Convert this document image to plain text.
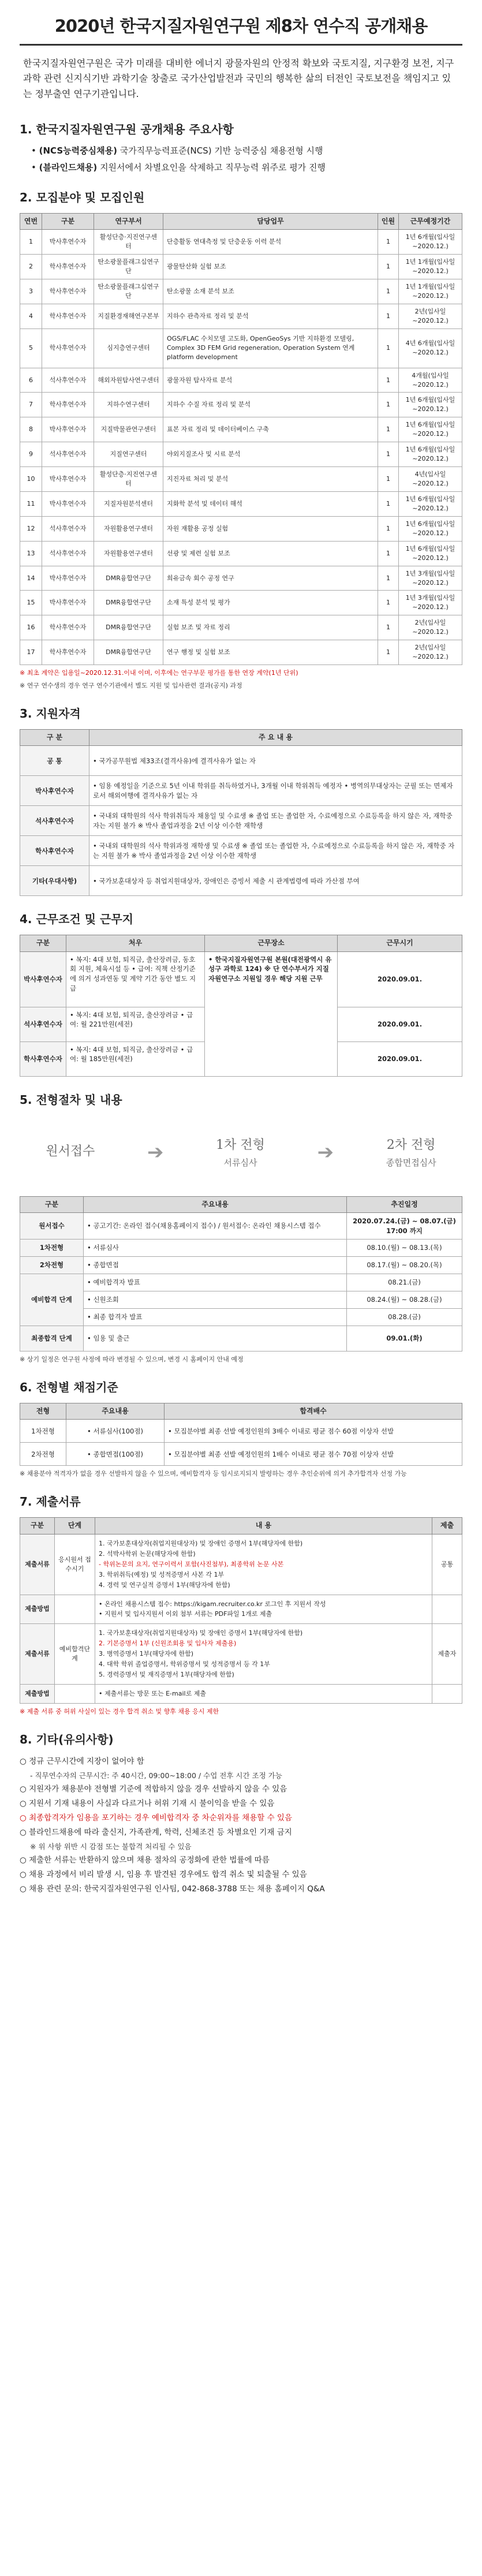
2020년 한국지질자원연구원 제8차 연수직 공개채용
한국지질자원연구원은 국가 미래를 대비한 에너지 광물자원의 안정적 확보와 국토지질, 지구환경 보전, 지구과학 관련 신지식기반 과학기술 창출로 국가산업발전과 국민의 행복한 삶의 터전인 국토보전을 책임지고 있는 정부출연 연구기관입니다.
1. 한국지질자원연구원 공개채용 주요사항
• (NCS능력중심채용) 국가직무능력표준(NCS) 기반 능력중심 채용전형 시행
• (블라인드채용) 지원서에서 차별요인을 삭제하고 직무능력 위주로 평가 진행
2. 모집분야 및 모집인원
연번	구분	연구부서	담당업무	인원	근무예정기간
1	박사후연수자	활성단층·지진연구센터	단층활동 연대측정 및 단층운동 이력 분석	1	1년 6개월(입사일~2020.12.)
2	학사후연수자	탄소광물플래그십연구단	광물탄산화 실험 보조	1	1년 1개월(입사일~2020.12.)
3	학사후연수자	탄소광물플래그십연구단	탄소광물 소재 분석 보조	1	1년 1개월(입사일~2020.12.)
4	학사후연수자	지질환경재해연구본부	지하수 관측자료 정리 및 분석	1	2년(입사일~2020.12.)
5	학사후연수자	심지층연구센터	OGS/FLAC 수치모델 고도화, OpenGeoSys 기반 지하환경 모델링, Complex 3D FEM Grid regeneration, Operation System 연계 platform development	1	4년 6개월(입사일~2020.12.)
6	석사후연수자	해외자원탐사연구센터	광물자원 탐사자료 분석	1	4개월(입사일~2020.12.)
7	학사후연수자	지하수연구센터	지하수 수질 자료 정리 및 분석	1	1년 6개월(입사일~2020.12.)
8	박사후연수자	지질박물관연구센터	표본 자료 정리 및 데이터베이스 구축	1	1년 6개월(입사일~2020.12.)
9	석사후연수자	지질연구센터	야외지질조사 및 시료 분석	1	1년 6개월(입사일~2020.12.)
10	박사후연수자	활성단층·지진연구센터	지진자료 처리 및 분석	1	4년(입사일~2020.12.)
11	박사후연수자	지질자원분석센터	지화학 분석 및 데이터 해석	1	1년 6개월(입사일~2020.12.)
12	석사후연수자	자원활용연구센터	자원 재활용 공정 실험	1	1년 6개월(입사일~2020.12.)
13	석사후연수자	자원활용연구센터	선광 및 제련 실험 보조	1	1년 6개월(입사일~2020.12.)
14	박사후연수자	DMR융합연구단	희유금속 회수 공정 연구	1	1년 3개월(입사일~2020.12.)
15	박사후연수자	DMR융합연구단	소재 특성 분석 및 평가	1	1년 3개월(입사일~2020.12.)
16	학사후연수자	DMR융합연구단	실험 보조 및 자료 정리	1	2년(입사일~2020.12.)
17	학사후연수자	DMR융합연구단	연구 행정 및 실험 보조	1	2년(입사일~2020.12.)
※ 최초 계약은 입용일~2020.12.31.이내 이며, 이후에는 연구부문 평가를 통한 연장 계약(1년 단위)
※ 연구 연수생의 경우 연구 연수기관에서 별도 지원 및 입사관련 결과(공지) 과정
3. 지원자격
구 분	주 요 내 용
공 통	• 국가공무원법 제33조(결격사유)에 결격사유가 없는 자
박사후연수자	• 임용 예정일을 기준으로 5년 이내 학위를 취득하였거나, 3개월 이내 학위취득 예정자 • 병역의무대상자는 군필 또는 면제자로서 해외여행에 결격사유가 없는 자
석사후연수자	• 국내외 대학원의 석사 학위취득자 채용일 및 수료생 ※ 졸업 또는 졸업한 자, 수료예정으로 수료등록을 하지 않은 자, 재학중 자는 지원 불가 ※ 박사 졸업과정을 2년 이상 이수한 재학생
학사후연수자	• 국내외 대학원의 석사 학위과정 재학생 및 수료생 ※ 졸업 또는 졸업한 자, 수료예정으로 수료등록을 하지 않은 자, 재학중 자는 지원 불가 ※ 박사 졸업과정을 2년 이상 이수한 재학생
기타(우대사항)	• 국가보훈대상자 등 취업지원대상자, 장애인은 증빙서 제출 시 관계법령에 따라 가산점 부여
4. 근무조건 및 근무지
구분	처우	근무장소	근무시기
박사후연수자	• 복지: 4대 보험, 퇴직금, 출산장려금, 동호회 지원, 체육시설 등 • 급여: 직책 산정기준에 의거 성과연동 및 계약 기간 동안 별도 지급	• 한국지질자원연구원 본원(대전광역시 유성구 과학로 124) ※ 단 연수부서가 지질자원연구소 지원일 경우 해당 지원 근무	2020.09.01.
석사후연수자	• 복지: 4대 보험, 퇴직금, 출산장려금 • 급여: 월 221만원(세전)		2020.09.01.
학사후연수자	• 복지: 4대 보험, 퇴직금, 출산장려금 • 급여: 월 185만원(세전)		2020.09.01.
5. 전형절차 및 내용
원서접수	➔	1차 전형
서류심사	➔	2차 전형
종합면접심사
구분	주요내용	추진일정
원서접수	• 공고기간: 온라인 접수(채용홈페이지 접수) / 원서접수: 온라인 채용시스템 접수	2020.07.24.(금) ~ 08.07.(금) 17:00 까지
1차전형	• 서류심사	08.10.(월) ~ 08.13.(목)
2차전형	• 종합면접	08.17.(월) ~ 08.20.(목)
예비합격 단계	• 예비합격자 발표	08.21.(금)
	• 신원조회	08.24.(월) ~ 08.28.(금)
	• 최종 합격자 발표	08.28.(금)
최종합격 단계	• 임용 및 출근	09.01.(화)
※ 상기 일정은 연구원 사정에 따라 변경될 수 있으며, 변경 시 홈페이지 안내 예정
6. 전형별 채점기준
전형	주요내용	합격배수
1차전형	• 서류심사(100점)	• 모집분야별 최종 선발 예정인원의 3배수 이내로 평균 점수 60점 이상자 선발
2차전형	• 종합면접(100점)	• 모집분야별 최종 선발 예정인원의 1배수 이내로 평균 점수 70점 이상자 선발
※ 채용분야 적격자가 없을 경우 선발하지 않을 수 있으며, 예비합격자 등 임시로지되지 발령하는 경우 추인순위에 의거 추가합격자 선정 가능
7. 제출서류
구분	단계	내 용	제출
제출서류	응시원서 접수시기	1. 국가보훈대상자(취업지원대상자) 및 장애인 증명서 1부(해당자에 한함)
2. 석박사학위 논문(해당자에 한함)
- 학위논문의 요지, 연구이력서 포함(사진첨부), 최종학위 논문 사본
3. 학위취득(예정) 및 성적증명서 사본 각 1부
4. 경력 및 연구실적 증명서 1부(해당자에 한함)	공통
제출방법		• 온라인 채용시스템 접수: https://kigam.recruiter.co.kr 로그인 후 지원서 작성
• 지원서 및 입사지원서 이외 첨부 서류는 PDF파일 1개로 제출	

제출서류	예비합격단계	1. 국가보훈대상자(취업지원대상자) 및 장애인 증명서 1부(해당자에 한함)
2. 기본증명서 1부 (신원조회용 및 입사자 제출용)
3. 병역증명서 1부(해당자에 한함)
4. 대학 학위 졸업증명서, 학위증명서 및 성적증명서 등 각 1부
5. 경력증명서 및 재직증명서 1부(해당자에 한함)	제출자
제출방법		• 제출서류는 방문 또는 E-mail로 제출	

※ 제출 서류 중 허위 사실이 있는 경우 합격 취소 및 향후 채용 응시 제한
8. 기타(유의사항)
○ 정규 근무시간에 지장이 없어야 함
- 직무연수자의 근무시간: 주 40시간, 09:00~18:00 / 수업 전후 시간 조정 가능
○ 지원자가 채용분야 전형별 기준에 적합하지 않을 경우 선발하지 않을 수 있음
○ 지원서 기재 내용이 사실과 다르거나 허위 기재 시 불이익을 받을 수 있음
○ 최종합격자가 임용을 포기하는 경우 예비합격자 중 차순위자를 채용할 수 있음
○ 블라인드채용에 따라 출신지, 가족관계, 학력, 신체조건 등 차별요인 기재 금지
※ 위 사항 위반 시 감점 또는 불합격 처리될 수 있음
○ 제출한 서류는 반환하지 않으며 채용 절차의 공정화에 관한 법률에 따름
○ 채용 과정에서 비리 발생 시, 임용 후 발견된 경우에도 합격 취소 및 퇴출될 수 있음
○ 채용 관련 문의: 한국지질자원연구원 인사팀, 042-868-3788 또는 채용 홈페이지 Q&A
